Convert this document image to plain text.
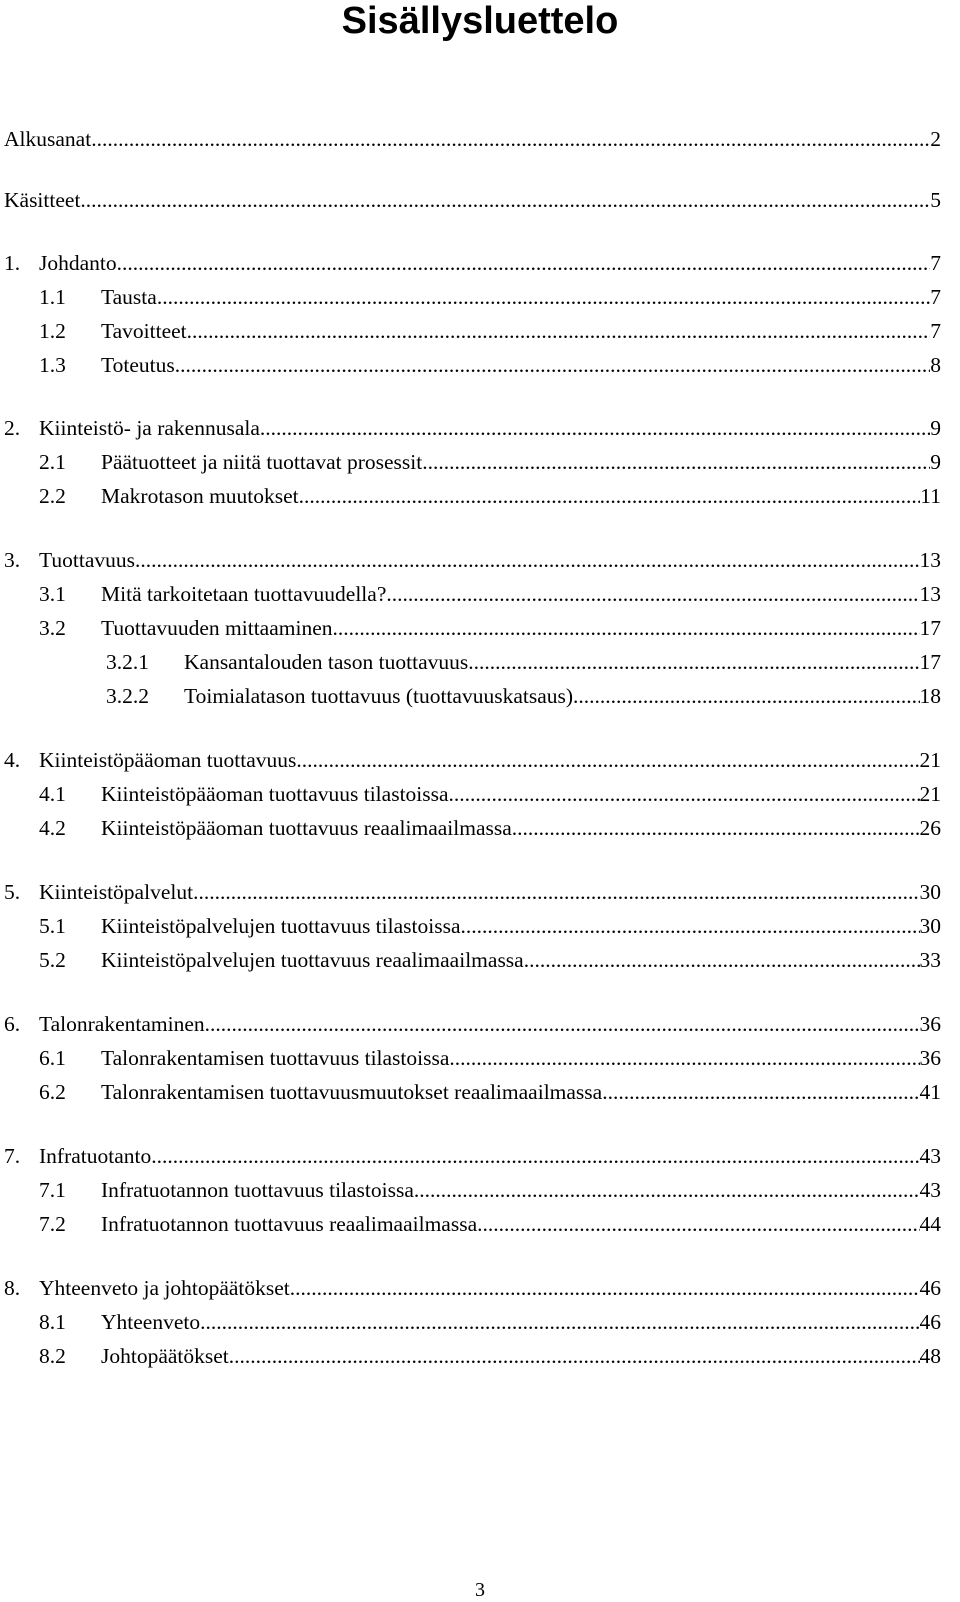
Sisällysluettelo
Alkusanat .....	2
Käsitteet .....	5
1. Johdanto .....	7
1.1	Tausta .....	7
1.2	Tavoitteet .....	7
1.3	Toteutus .....	8
2. Kiinteistö- ja rakennusala .....	9
2.1	Päätuotteet ja niitä tuottavat prosessit .....	9
2.2	Makrotason muutokset .....	11
3. Tuottavuus .....	13
3.1	Mitä tarkoitetaan tuottavuudella? .....	13
3.2	Tuottavuuden mittaaminen .....	17
3.2.1	Kansantalouden tason tuottavuus .....	17
3.2.2	Toimialatason tuottavuus (tuottavuuskatsaus) .....	18
4. Kiinteistöpääoman tuottavuus .....	21
4.1	Kiinteistöpääoman tuottavuus tilastoissa .....	21
4.2	Kiinteistöpääoman tuottavuus reaalimaailmassa .....	26
5. Kiinteistöpalvelut .....	30
5.1	Kiinteistöpalvelujen tuottavuus tilastoissa .....	30
5.2	Kiinteistöpalvelujen tuottavuus reaalimaailmassa .....	33
6. Talonrakentaminen .....	36
6.1	Talonrakentamisen tuottavuus tilastoissa .....	36
6.2	Talonrakentamisen tuottavuusmuutokset reaalimaailmassa .....	41
7. Infratuotanto .....	43
7.1	Infratuotannon tuottavuus tilastoissa .....	43
7.2	Infratuotannon tuottavuus reaalimaailmassa .....	44
8. Yhteenveto ja johtopäätökset .....	46
8.1	Yhteenveto .....	46
8.2	Johtopäätökset .....	48
3
